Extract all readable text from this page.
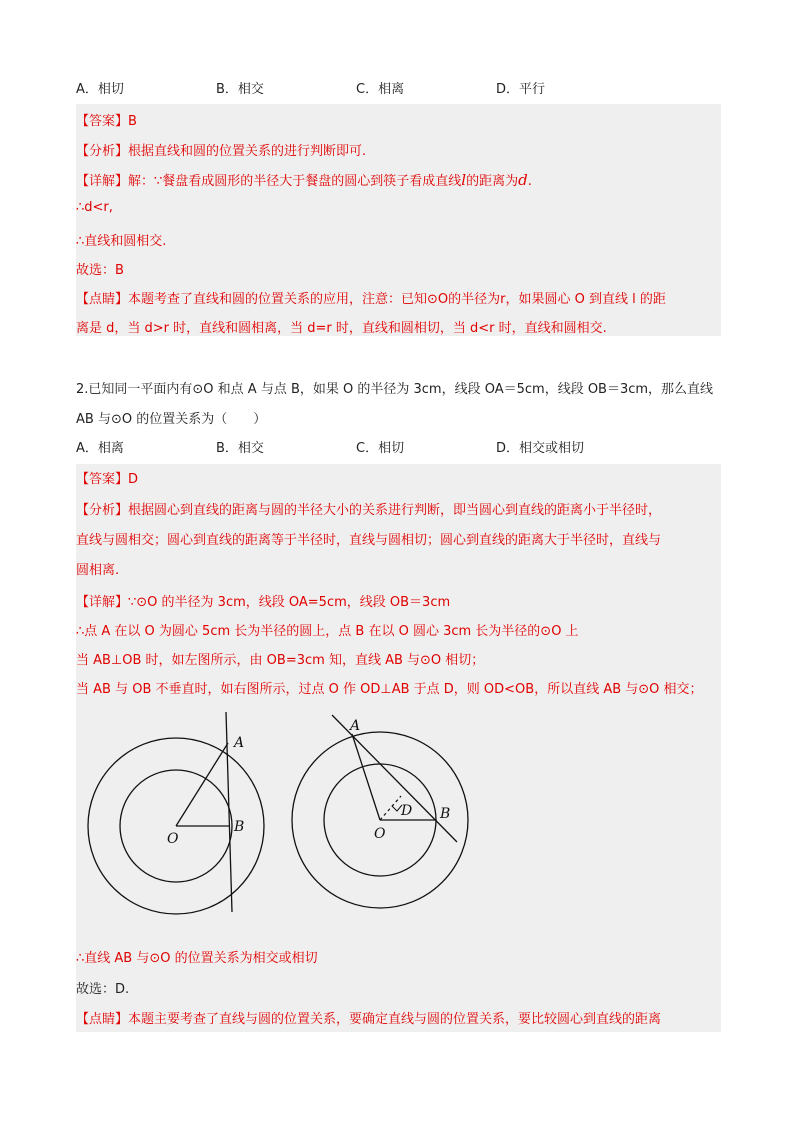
A．相切	B．相交	C．相离	D．平行
【答案】B
【分析】根据直线和圆的位置关系的进行判断即可.
【详解】解：∵餐盘看成圆形的半径大于餐盘的圆心到筷子看成直线l的距离为d.
∴d<r,
∴直线和圆相交.
故选：B
【点睛】本题考查了直线和圆的位置关系的应用，注意：已知⊙O的半径为r，如果圆心 O 到直线 l 的距
离是 d，当 d>r 时，直线和圆相离，当 d=r 时，直线和圆相切，当 d<r 时，直线和圆相交.
2.已知同一平面内有⊙O 和点 A 与点 B，如果 O 的半径为 3cm，线段 OA＝5cm，线段 OB＝3cm，那么直线
AB 与⊙O 的位置关系为（　　）
A．相离	B．相交	C．相切	D．相交或相切
【答案】D
【分析】根据圆心到直线的距离与圆的半径大小的关系进行判断，即当圆心到直线的距离小于半径时，
直线与圆相交；圆心到直线的距离等于半径时，直线与圆相切；圆心到直线的距离大于半径时，直线与
圆相离.
【详解】∵⊙O 的半径为 3cm，线段 OA=5cm，线段 OB＝3cm
∴点 A 在以 O 为圆心 5cm 长为半径的圆上，点 B 在以 O 圆心 3cm 长为半径的⊙O 上
当 AB⊥OB 时，如左图所示，由 OB=3cm 知，直线 AB 与⊙O 相切；
当 AB 与 OB 不垂直时，如右图所示，过点 O 作 OD⊥AB 于点 D，则 OD<OB，所以直线 AB 与⊙O 相交；
A
B
O
A
B
O
D
∴直线 AB 与⊙O 的位置关系为相交或相切
故选：D.
【点睛】本题主要考查了直线与圆的位置关系，要确定直线与圆的位置关系，要比较圆心到直线的距离
